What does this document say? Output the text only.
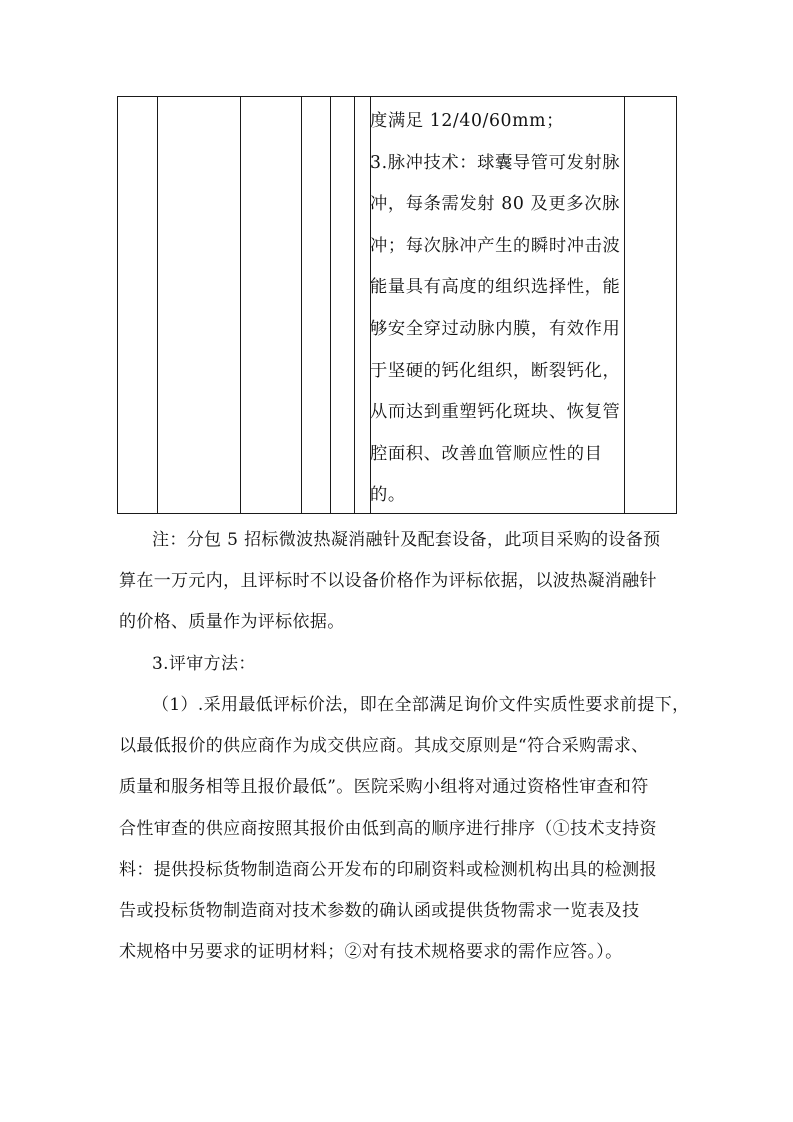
度满足 12/40/60mm；
3.脉冲技术：球囊导管可发射脉
冲，每条需发射 80 及更多次脉
冲；每次脉冲产生的瞬时冲击波
能量具有高度的组织选择性，能
够安全穿过动脉内膜，有效作用
于坚硬的钙化组织，断裂钙化，
从而达到重塑钙化斑块、恢复管
腔面积、改善血管顺应性的目
的。

注：分包 5 招标微波热凝消融针及配套设备，此项目采购的设备预
算在一万元内，且评标时不以设备价格作为评标依据，以波热凝消融针
的价格、质量作为评标依据。

3.评审方法：

（1）.采用最低评标价法，即在全部满足询价文件实质性要求前提下，
以最低报价的供应商作为成交供应商。其成交原则是“符合采购需求、
质量和服务相等且报价最低”。医院采购小组将对通过资格性审查和符
合性审查的供应商按照其报价由低到高的顺序进行排序（①技术支持资
料：提供投标货物制造商公开发布的印刷资料或检测机构出具的检测报
告或投标货物制造商对技术参数的确认函或提供货物需求一览表及技
术规格中另要求的证明材料；②对有技术规格要求的需作应答。）。
